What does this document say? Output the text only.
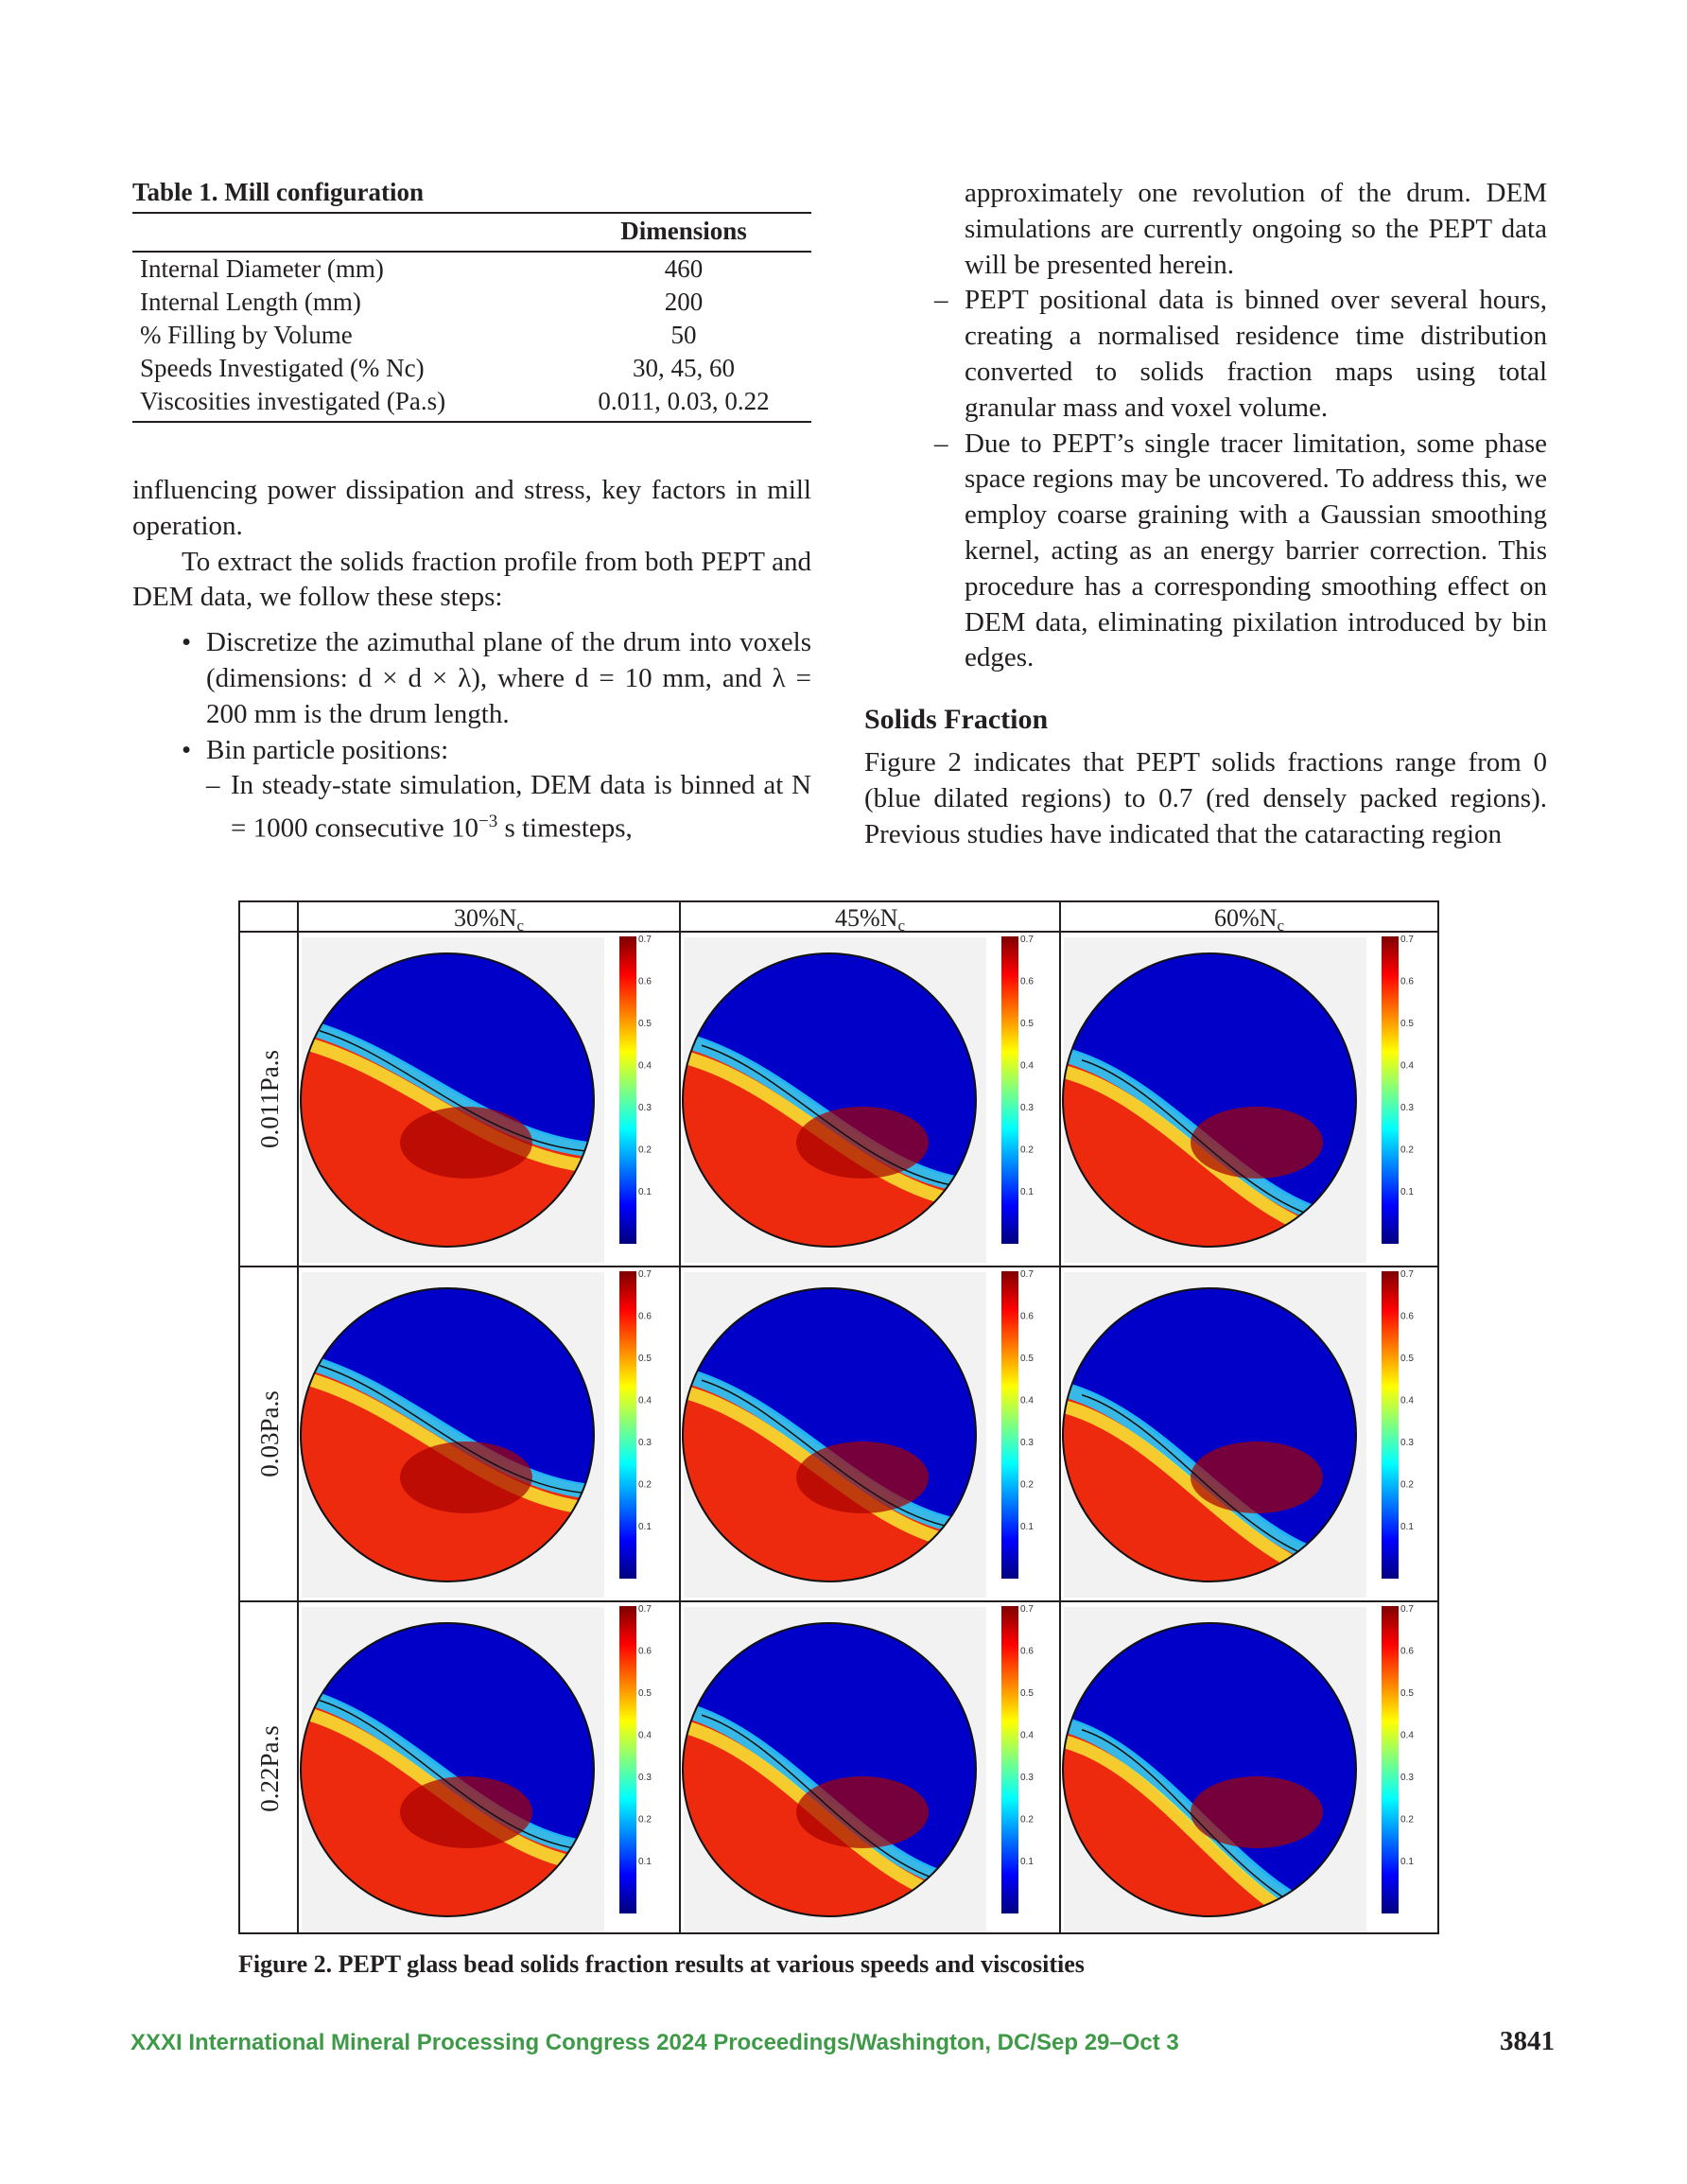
Table 1. Mill configuration
	Dimensions
Internal Diameter (mm)	460
Internal Length (mm)	200
% Filling by Volume	50
Speeds Investigated (% Nc)	30, 45, 60
Viscosities investigated (Pa.s)	0.011, 0.03, 0.22

influencing power dissipation and stress, key factors in mill operation.

To extract the solids fraction profile from both PEPT and DEM data, we follow these steps:

• Discretize the azimuthal plane of the drum into voxels (dimensions: d × d × λ), where d = 10 mm, and λ = 200 mm is the drum length.
• Bin particle positions:
– In steady-state simulation, DEM data is binned at N = 1000 consecutive $10^{-3}$ s timesteps,

approximately one revolution of the drum. DEM simulations are currently ongoing so the PEPT data will be presented herein.

– PEPT positional data is binned over several hours, creating a normalised residence time distribution converted to solids fraction maps using total granular mass and voxel volume.
– Due to PEPT’s single tracer limitation, some phase space regions may be uncovered. To address this, we employ coarse graining with a Gaussian smoothing kernel, acting as an energy barrier correction. This procedure has a corresponding smoothing effect on DEM data, eliminating pixilation introduced by bin edges.
Solids Fraction
Figure 2 indicates that PEPT solids fractions range from 0 (blue dilated regions) to 0.7 (red densely packed regions). Previous studies have indicated that the cataracting region
30%Nc	45%Nc	60%Nc
0.011Pa.s
0.03Pa.s
0.22Pa.s
0.7
0.6
0.5
0.4
0.3
0.2
0.1
0.7
0.6
0.5
0.4
0.3
0.2
0.1
0.7
0.6
0.5
0.4
0.3
0.2
0.1
0.7
0.6
0.5
0.4
0.3
0.2
0.1
0.7
0.6
0.5
0.4
0.3
0.2
0.1
0.7
0.6
0.5
0.4
0.3
0.2
0.1
0.7
0.6
0.5
0.4
0.3
0.2
0.1
0.7
0.6
0.5
0.4
0.3
0.2
0.1
0.7
0.6
0.5
0.4
0.3
0.2
0.1
Figure 2. PEPT glass bead solids fraction results at various speeds and viscosities
XXXI International Mineral Processing Congress 2024 Proceedings/Washington, DC/Sep 29–Oct 3	3841
